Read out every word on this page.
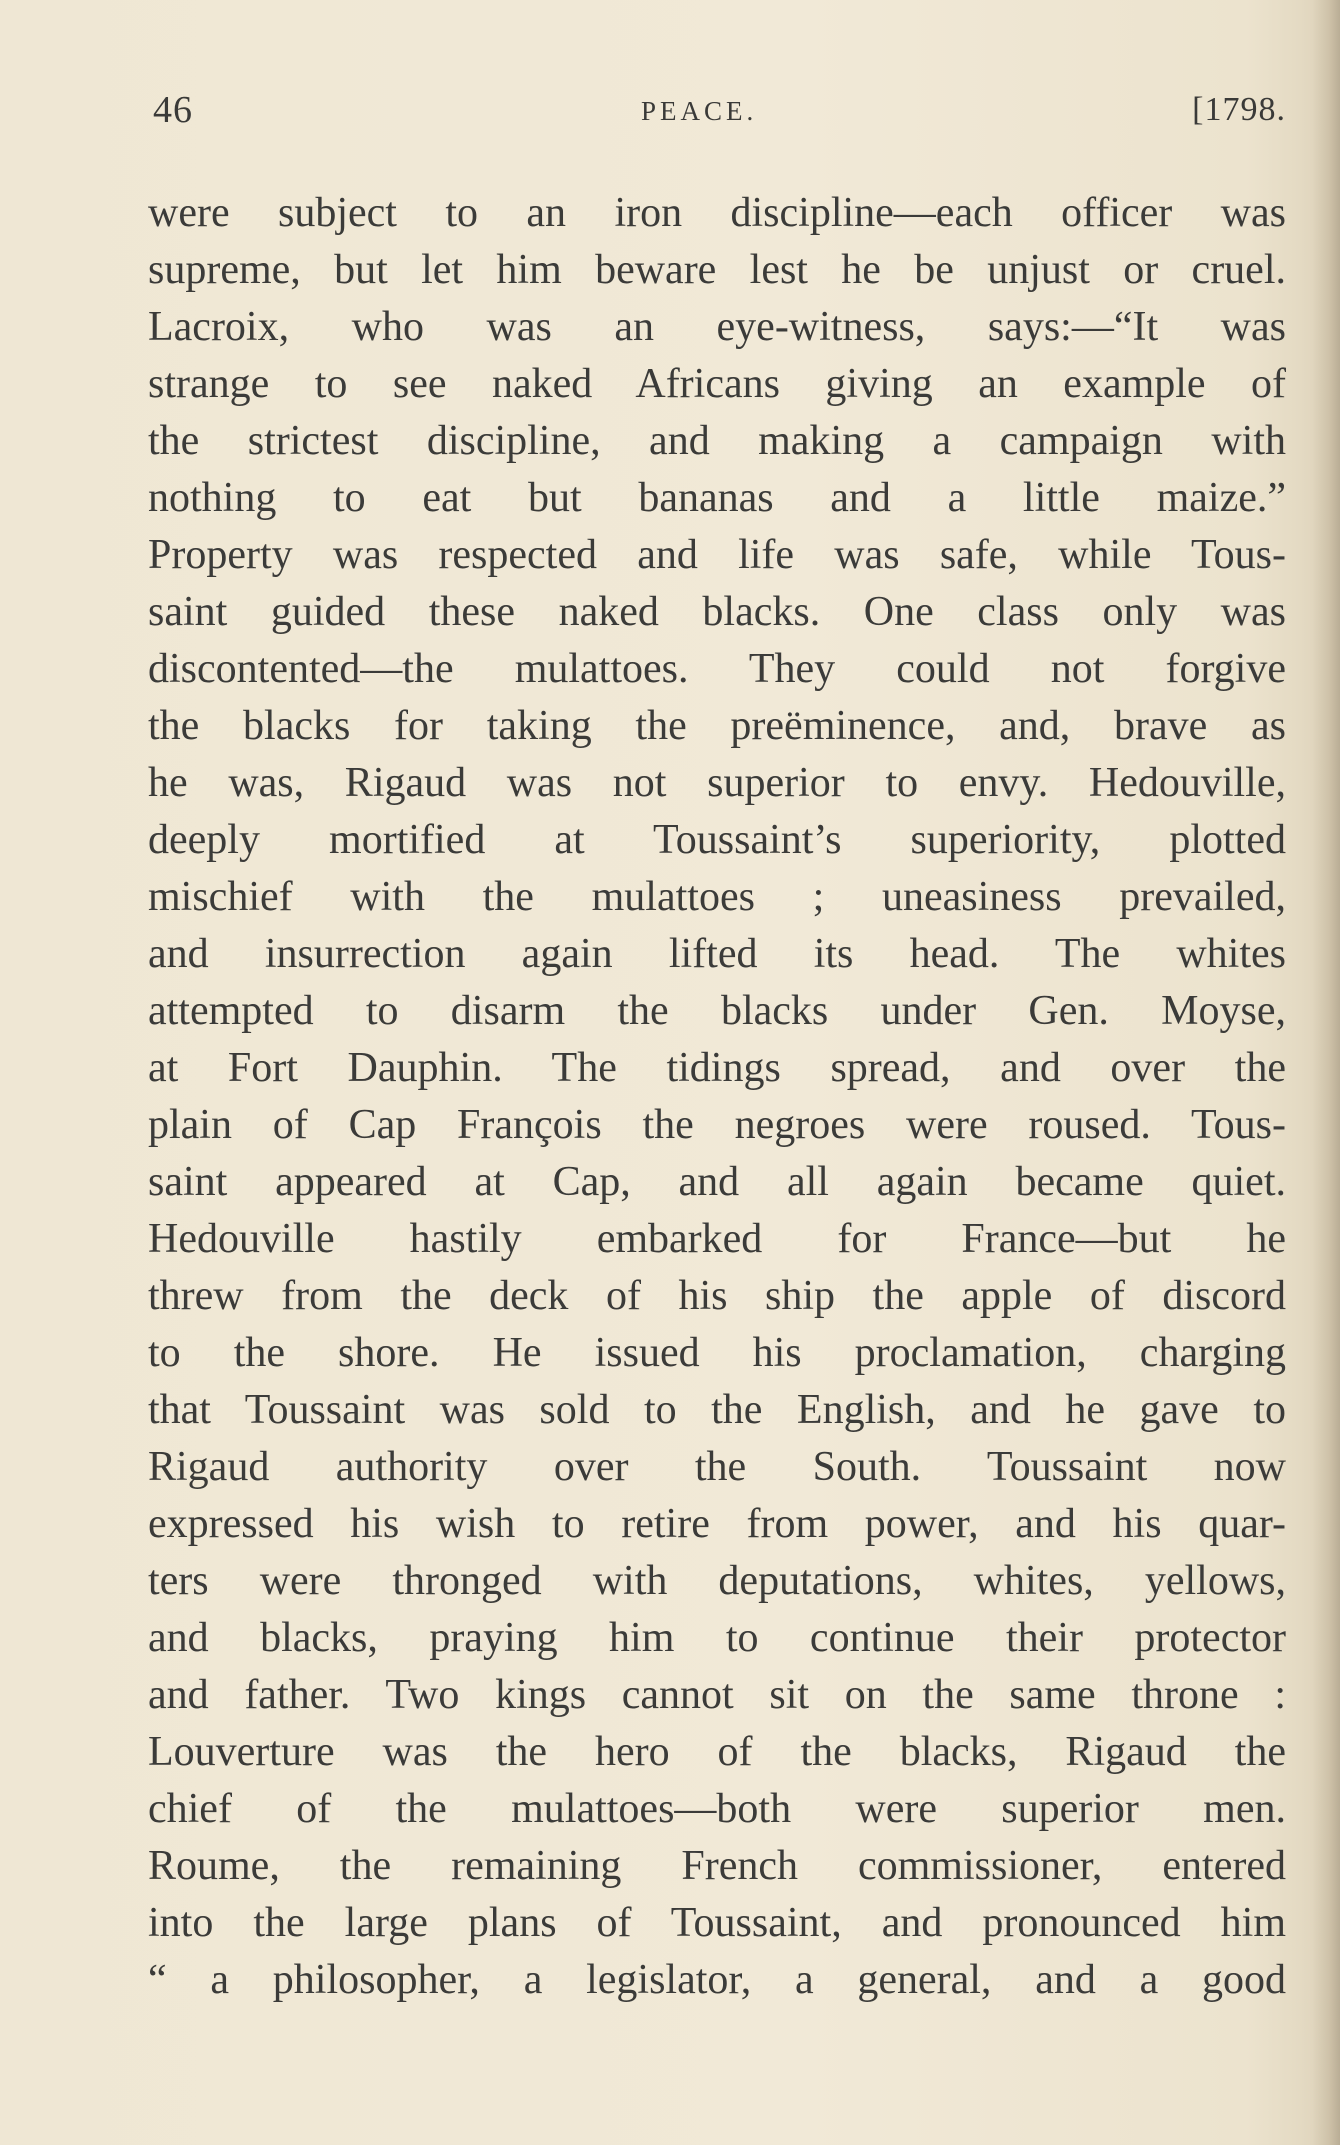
46	PEACE.	[1798.
were subject to an iron discipline—each officer was
supreme, but let him beware lest he be unjust or cruel.
Lacroix, who was an eye-witness, says:—“It was
strange to see naked Africans giving an example of
the strictest discipline, and making a campaign with
nothing to eat but bananas and a little maize.”
Property was respected and life was safe, while Tous-
saint guided these naked blacks. One class only was
discontented—the mulattoes. They could not forgive
the blacks for taking the preëminence, and, brave as
he was, Rigaud was not superior to envy. Hedouville,
deeply mortified at Toussaint’s superiority, plotted
mischief with the mulattoes ; uneasiness prevailed,
and insurrection again lifted its head. The whites
attempted to disarm the blacks under Gen. Moyse,
at Fort Dauphin. The tidings spread, and over the
plain of Cap François the negroes were roused. Tous-
saint appeared at Cap, and all again became quiet.
Hedouville hastily embarked for France—but he
threw from the deck of his ship the apple of discord
to the shore. He issued his proclamation, charging
that Toussaint was sold to the English, and he gave to
Rigaud authority over the South. Toussaint now
expressed his wish to retire from power, and his quar-
ters were thronged with deputations, whites, yellows,
and blacks, praying him to continue their protector
and father. Two kings cannot sit on the same throne :
Louverture was the hero of the blacks, Rigaud the
chief of the mulattoes—both were superior men.
Roume, the remaining French commissioner, entered
into the large plans of Toussaint, and pronounced him
“ a philosopher, a legislator, a general, and a good
